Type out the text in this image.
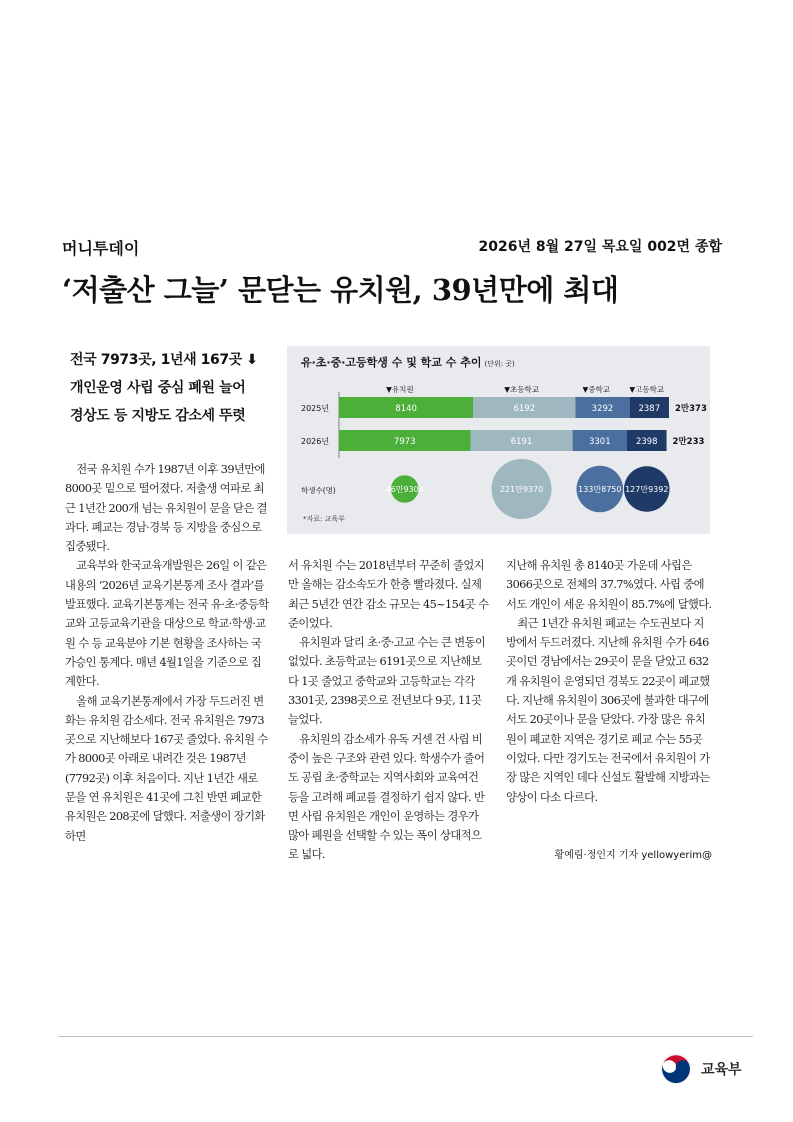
머니투데이	2026년 8월 27일 목요일 002면 종합
‘저출산 그늘’ 문닫는 유치원, 39년만에 최대
전국 7973곳, 1년새 167곳 ⬇
개인운영 사립 중심 폐원 늘어
경상도 등 지방도 감소세 뚜렷
유·초·중·고등학생 수 및 학교 수 추이 (단위: 곳)
▼유치원	▼초등학교	▼중학교	▼고등학교
2025년	8140	6192	3292	2387 2만373
2026년	7973	6191	3301	2398 2만233
학생수(명)	46만9304	221만9370	133만8750 127만9392
*자료: 교육부

전국 유치원 수가 1987년 이후 39년만에 8000곳 밑으로 떨어졌다. 저출생 여파로 최근 1년간 200개 넘는 유치원이 문을 닫은 결과다. 폐교는 경남·경북 등 지방을 중심으로 집중됐다.

교육부와 한국교육개발원은 26일 이 같은 내용의 ‘2026년 교육기본통계 조사 결과’를 발표했다. 교육기본통계는 전국 유·초·중등학교와 고등교육기관을 대상으로 학교·학생·교원 수 등 교육분야 기본 현황을 조사하는 국가승인 통계다. 매년 4월1일을 기준으로 집계한다.

올해 교육기본통계에서 가장 두드러진 변화는 유치원 감소세다. 전국 유치원은 7973곳으로 지난해보다 167곳 줄었다. 유치원 수가 8000곳 아래로 내려간 것은 1987년(7792곳) 이후 처음이다. 지난 1년간 새로 문을 연 유치원은 41곳에 그친 반면 폐교한 유치원은 208곳에 달했다. 저출생이 장기화하면

서 유치원 수는 2018년부터 꾸준히 줄었지만 올해는 감소속도가 한층 빨라졌다. 실제 최근 5년간 연간 감소 규모는 45~154곳 수준이었다.

유치원과 달리 초·중·고교 수는 큰 변동이 없었다. 초등학교는 6191곳으로 지난해보다 1곳 줄었고 중학교와 고등학교는 각각 3301곳, 2398곳으로 전년보다 9곳, 11곳 늘었다.

유치원의 감소세가 유독 거센 건 사립 비중이 높은 구조와 관련 있다. 학생수가 줄어도 공립 초·중학교는 지역사회와 교육여건 등을 고려해 폐교를 결정하기 쉽지 않다. 반면 사립 유치원은 개인이 운영하는 경우가 많아 폐원을 선택할 수 있는 폭이 상대적으로 넓다.

지난해 유치원 총 8140곳 가운데 사립은 3066곳으로 전체의 37.7%였다. 사립 중에서도 개인이 세운 유치원이 85.7%에 달했다.

최근 1년간 유치원 폐교는 수도권보다 지방에서 두드러졌다. 지난해 유치원 수가 646곳이던 경남에서는 29곳이 문을 닫았고 632개 유치원이 운영되던 경북도 22곳이 폐교했다. 지난해 유치원이 306곳에 불과한 대구에서도 20곳이나 문을 닫았다. 가장 많은 유치원이 폐교한 지역은 경기로 폐교 수는 55곳이었다. 다만 경기도는 전국에서 유치원이 가장 많은 지역인 데다 신설도 활발해 지방과는 양상이 다소 다르다.

황예림·정인지 기자 yellowyerim@
교육부
